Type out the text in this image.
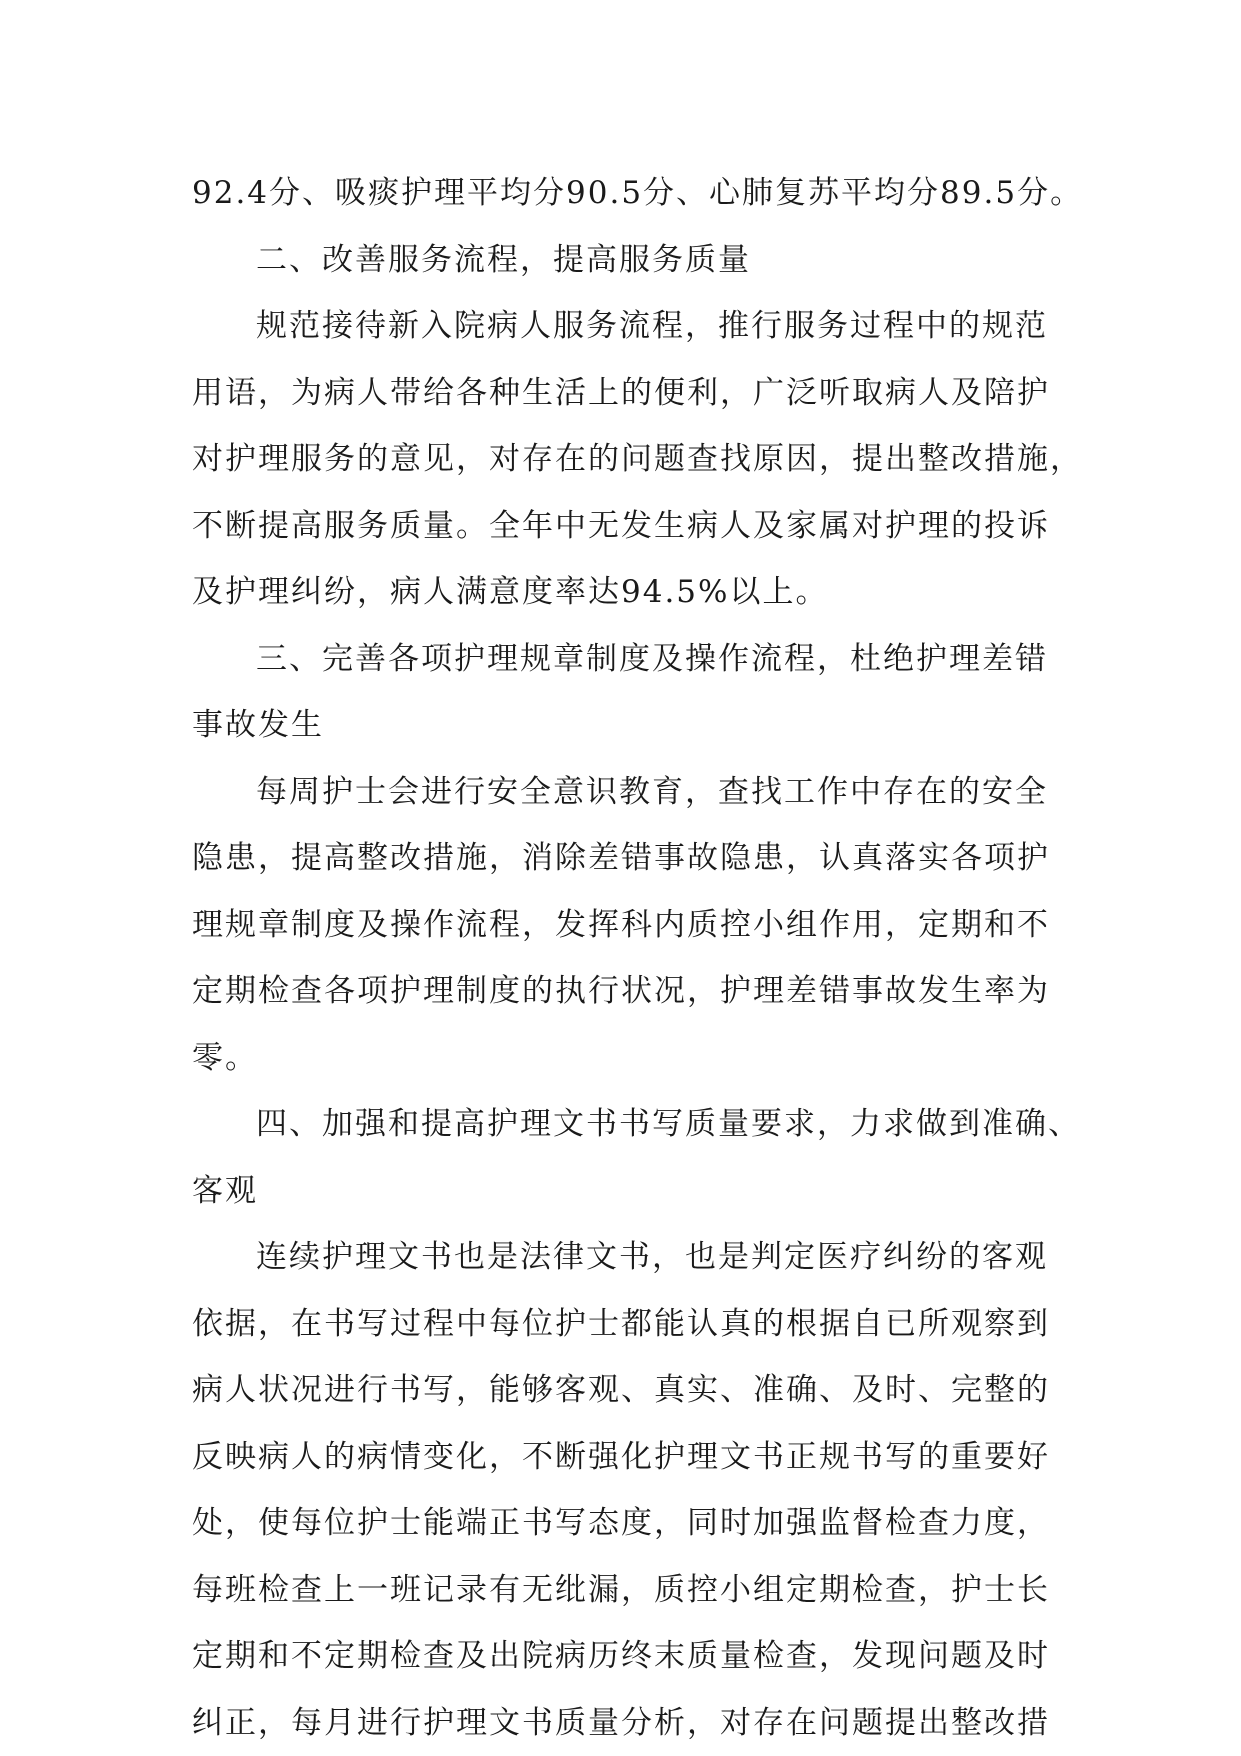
92.4分、吸痰护理平均分90.5分、心肺复苏平均分89.5分。
二、改善服务流程，提高服务质量
规范接待新入院病人服务流程，推行服务过程中的规范
用语，为病人带给各种生活上的便利，广泛听取病人及陪护
对护理服务的意见，对存在的问题查找原因，提出整改措施，
不断提高服务质量。全年中无发生病人及家属对护理的投诉
及护理纠纷，病人满意度率达94.5%以上。
三、完善各项护理规章制度及操作流程，杜绝护理差错
事故发生
每周护士会进行安全意识教育，查找工作中存在的安全
隐患，提高整改措施，消除差错事故隐患，认真落实各项护
理规章制度及操作流程，发挥科内质控小组作用，定期和不
定期检查各项护理制度的执行状况，护理差错事故发生率为
零。
四、加强和提高护理文书书写质量要求，力求做到准确、
客观
连续护理文书也是法律文书，也是判定医疗纠纷的客观
依据，在书写过程中每位护士都能认真的根据自已所观察到
病人状况进行书写，能够客观、真实、准确、及时、完整的
反映病人的病情变化，不断强化护理文书正规书写的重要好
处，使每位护士能端正书写态度，同时加强监督检查力度，
每班检查上一班记录有无纰漏，质控小组定期检查，护士长
定期和不定期检查及出院病历终末质量检查，发现问题及时
纠正，每月进行护理文书质量分析，对存在问题提出整改措
